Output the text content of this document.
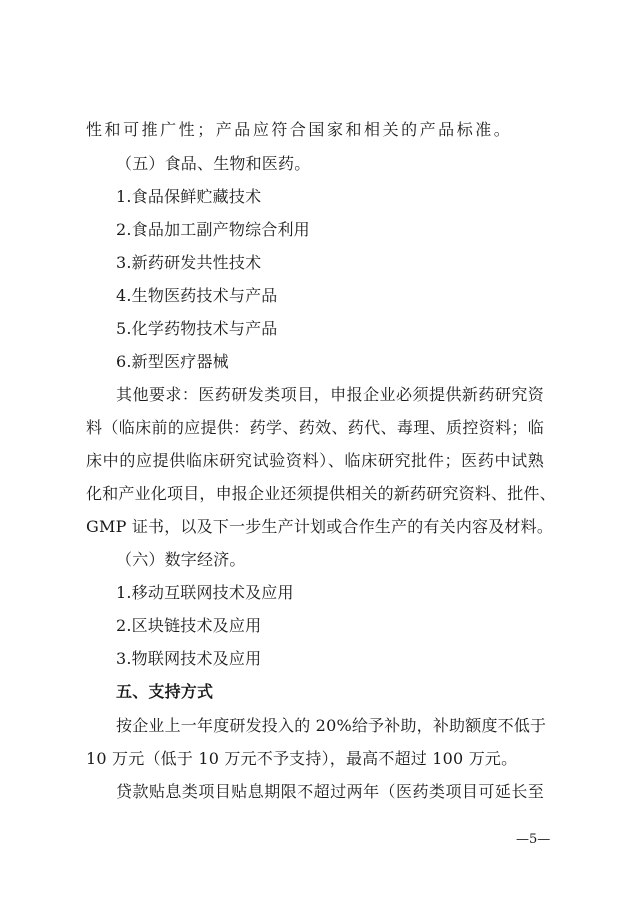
性和可推广性；产品应符合国家和相关的产品标准。
（五）食品、生物和医药。
1.食品保鲜贮藏技术
2.食品加工副产物综合利用
3.新药研发共性技术
4.生物医药技术与产品
5.化学药物技术与产品
6.新型医疗器械
其他要求：医药研发类项目，申报企业必须提供新药研究资
料（临床前的应提供：药学、药效、药代、毒理、质控资料；临
床中的应提供临床研究试验资料）、临床研究批件；医药中试熟
化和产业化项目，申报企业还须提供相关的新药研究资料、批件、
GMP 证书，以及下一步生产计划或合作生产的有关内容及材料。
（六）数字经济。
1.移动互联网技术及应用
2.区块链技术及应用
3.物联网技术及应用
五、支持方式
按企业上一年度研发投入的 20%给予补助，补助额度不低于
10 万元（低于 10 万元不予支持），最高不超过 100 万元。
贷款贴息类项目贴息期限不超过两年（医药类项目可延长至
—5—
